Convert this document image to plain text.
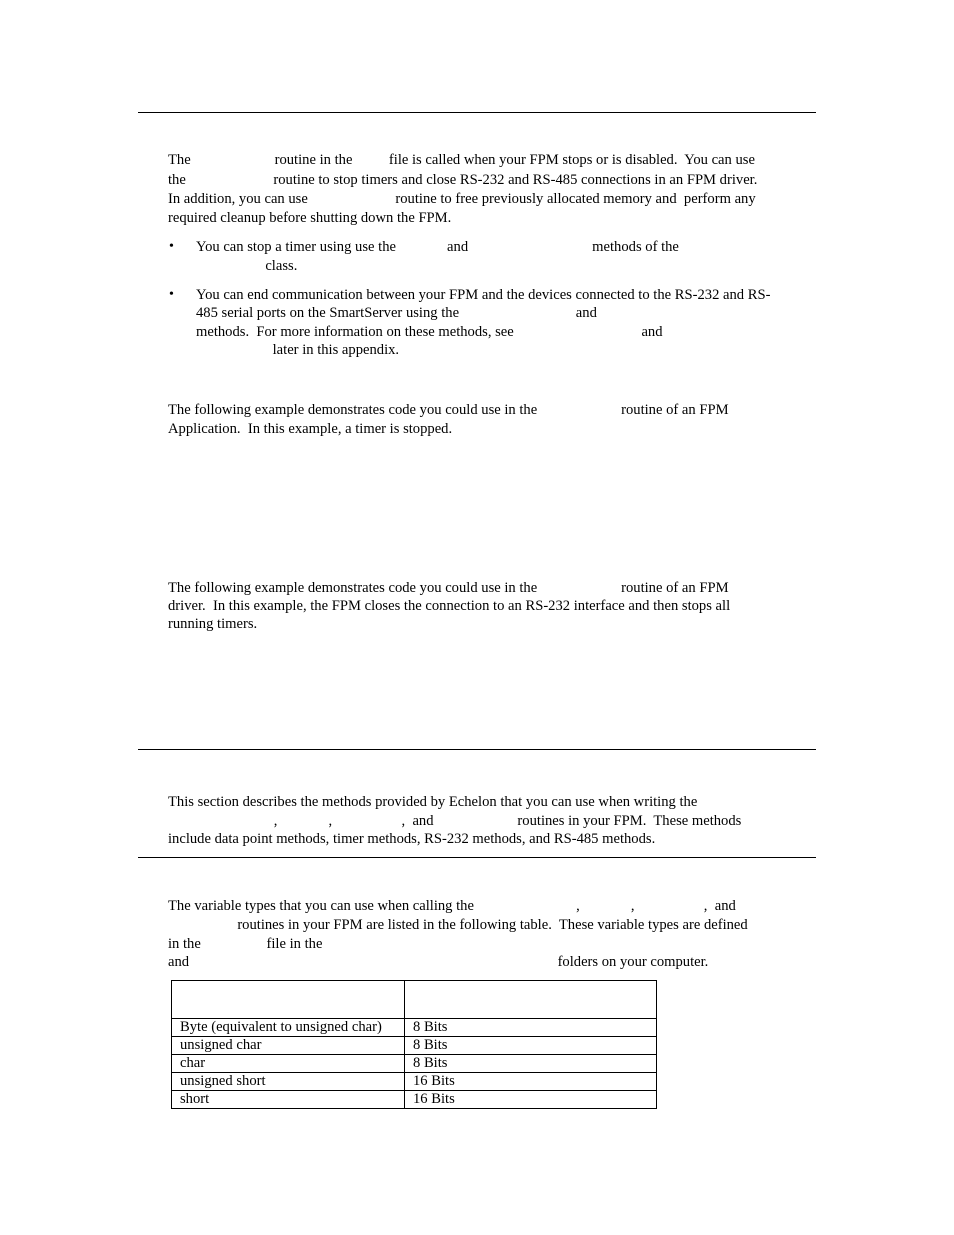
The                       routine in the          file is called when your FPM stops or is disabled.  You can use
the                        routine to stop timers and close RS-232 and RS-485 connections in an FPM driver.
In addition, you can use                        routine to free previously allocated memory and  perform any
required cleanup before shutting down the FPM.
• You can stop a timer using use the              and                                  methods of the
class.
• You can end communication between your FPM and the devices connected to the RS-232 and RS-
485 serial ports on the SmartServer using the                                and
methods.  For more information on these methods, see                                   and
later in this appendix.
The following example demonstrates code you could use in the                       routine of an FPM
Application.  In this example, a timer is stopped.
The following example demonstrates code you could use in the                       routine of an FPM
driver.  In this example, the FPM closes the connection to an RS-232 interface and then stops all
running timers.
This section describes the methods provided by Echelon that you can use when writing the
,              ,                   ,  and                       routines in your FPM.  These methods
include data point methods, timer methods, RS-232 methods, and RS-485 methods.
The variable types that you can use when calling the                            ,              ,                   ,  and
routines in your FPM are listed in the following table.  These variable types are defined
in the                  file in the
and                                                                                                     folders on your computer.

Byte (equivalent to unsigned char)	8 Bits
unsigned char	8 Bits
char	8 Bits
unsigned short	16 Bits
short	16 Bits
